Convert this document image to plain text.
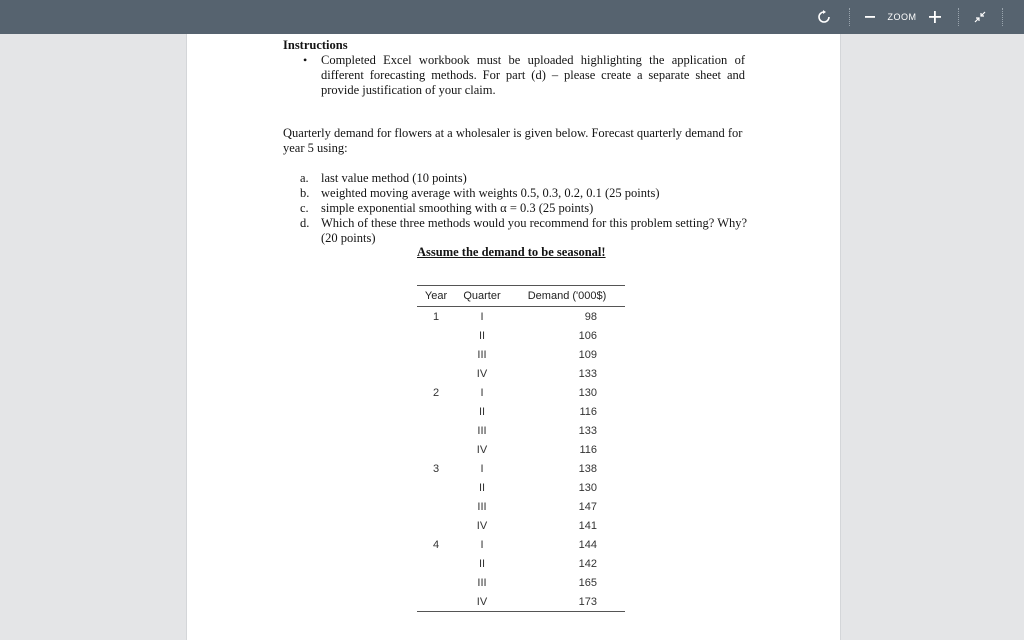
ZOOM
Instructions
• Completed Excel workbook must be uploaded highlighting the application of different forecasting methods. For part (d) – please create a separate sheet and provide justification of your claim.
Quarterly demand for flowers at a wholesaler is given below. Forecast quarterly demand for year 5 using:
a. last value method (10 points)
b. weighted moving average with weights 0.5, 0.3, 0.2, 0.1 (25 points)
c. simple exponential smoothing with α = 0.3 (25 points)
d. Which of these three methods would you recommend for this problem setting? Why? (20 points)
Assume the demand to be seasonal!
Year	Quarter	Demand ('000$)
1	I	98
	II	106
	III	109
	IV	133
2	I	130
	II	116
	III	133
	IV	116
3	I	138
	II	130
	III	147
	IV	141
4	I	144
	II	142
	III	165
	IV	173
